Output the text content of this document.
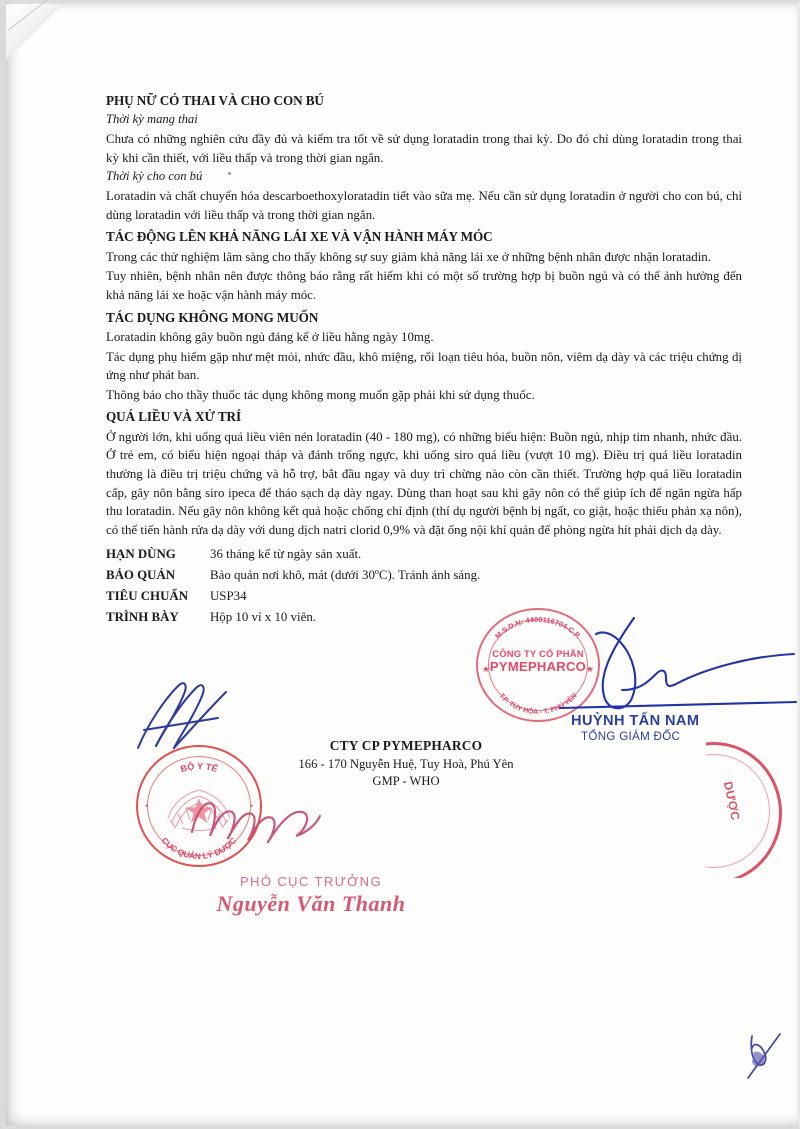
PHỤ NỮ CÓ THAI VÀ CHO CON BÚ

Thời kỳ mang thai

Chưa có những nghiên cứu đầy đủ và kiểm tra tốt về sử dụng loratadin trong thai kỳ. Do đó chỉ dùng loratadin trong thai kỳ khi cần thiết, với liều thấp và trong thời gian ngắn.

Thời kỳ cho con bú

Loratadin và chất chuyển hóa descarboethoxyloratadin tiết vào sữa mẹ. Nếu cần sử dụng loratadin ở người cho con bú, chỉ dùng loratadin với liều thấp và trong thời gian ngắn.

TÁC ĐỘNG LÊN KHẢ NĂNG LÁI XE VÀ VẬN HÀNH MÁY MÓC

Trong các thử nghiệm lâm sàng cho thấy không sự suy giảm khả năng lái xe ở những bệnh nhân được nhận loratadin.

Tuy nhiên, bệnh nhân nên được thông báo rằng rất hiếm khi có một số trường hợp bị buồn ngủ và có thể ảnh hưởng đến khả năng lái xe hoặc vận hành máy móc.

TÁC DỤNG KHÔNG MONG MUỐN

Loratadin không gây buồn ngủ đáng kể ở liều hằng ngày 10mg.

Tác dụng phụ hiếm gặp như mệt mỏi, nhức đầu, khô miệng, rối loạn tiêu hóa, buồn nôn, viêm dạ dày và các triệu chứng dị ứng như phát ban.

Thông báo cho thầy thuốc tác dụng không mong muốn gặp phải khi sử dụng thuốc.

QUÁ LIỀU VÀ XỬ TRÍ

Ở người lớn, khi uống quá liều viên nén loratadin (40 - 180 mg), có những biểu hiện: Buồn ngủ, nhịp tim nhanh, nhức đầu. Ở trẻ em, có biểu hiện ngoại tháp và đánh trống ngực, khi uống siro quá liều (vượt 10 mg). Điều trị quá liều loratadin thường là điều trị triệu chứng và hỗ trợ, bắt đầu ngay và duy trì chừng nào còn cần thiết. Trường hợp quá liều loratadin cấp, gây nôn bằng siro ipeca để tháo sạch dạ dày ngay. Dùng than hoạt sau khi gây nôn có thể giúp ích để ngăn ngừa hấp thu loratadin. Nếu gây nôn không kết quả hoặc chống chỉ định (thí dụ người bệnh bị ngất, co giật, hoặc thiếu phản xạ nôn), có thể tiến hành rửa dạ dày với dung dịch natri clorid 0,9% và đặt ống nội khí quản để phòng ngừa hít phải dịch dạ dày.

HẠN DÙNG	36 tháng kể từ ngày sản xuất.
BẢO QUẢN	Bảo quản nơi khô, mát (dưới 30ºC). Tránh ánh sáng.
TIÊU CHUẨN	USP34
TRÌNH BÀY	Hộp 10 vỉ x 10 viên.
M.S.D.N: 4400116704-C.P.
T.P. TUY HÒA - T. PHÚ YÊN
★	★
CÔNG TY CỔ PHẦN
PYMEPHARCO
BỘ Y TẾ
CỤC QUẢN LÝ DƯỢC
•	•	DƯỢC
CTY CP PYMEPHARCO
166 - 170 Nguyễn Huệ, Tuy Hoà, Phú Yên
GMP - WHO
HUỲNH TẤN NAM
TỔNG GIÁM ĐỐC
PHÓ CỤC TRƯỞNG
Nguyễn Văn Thanh
